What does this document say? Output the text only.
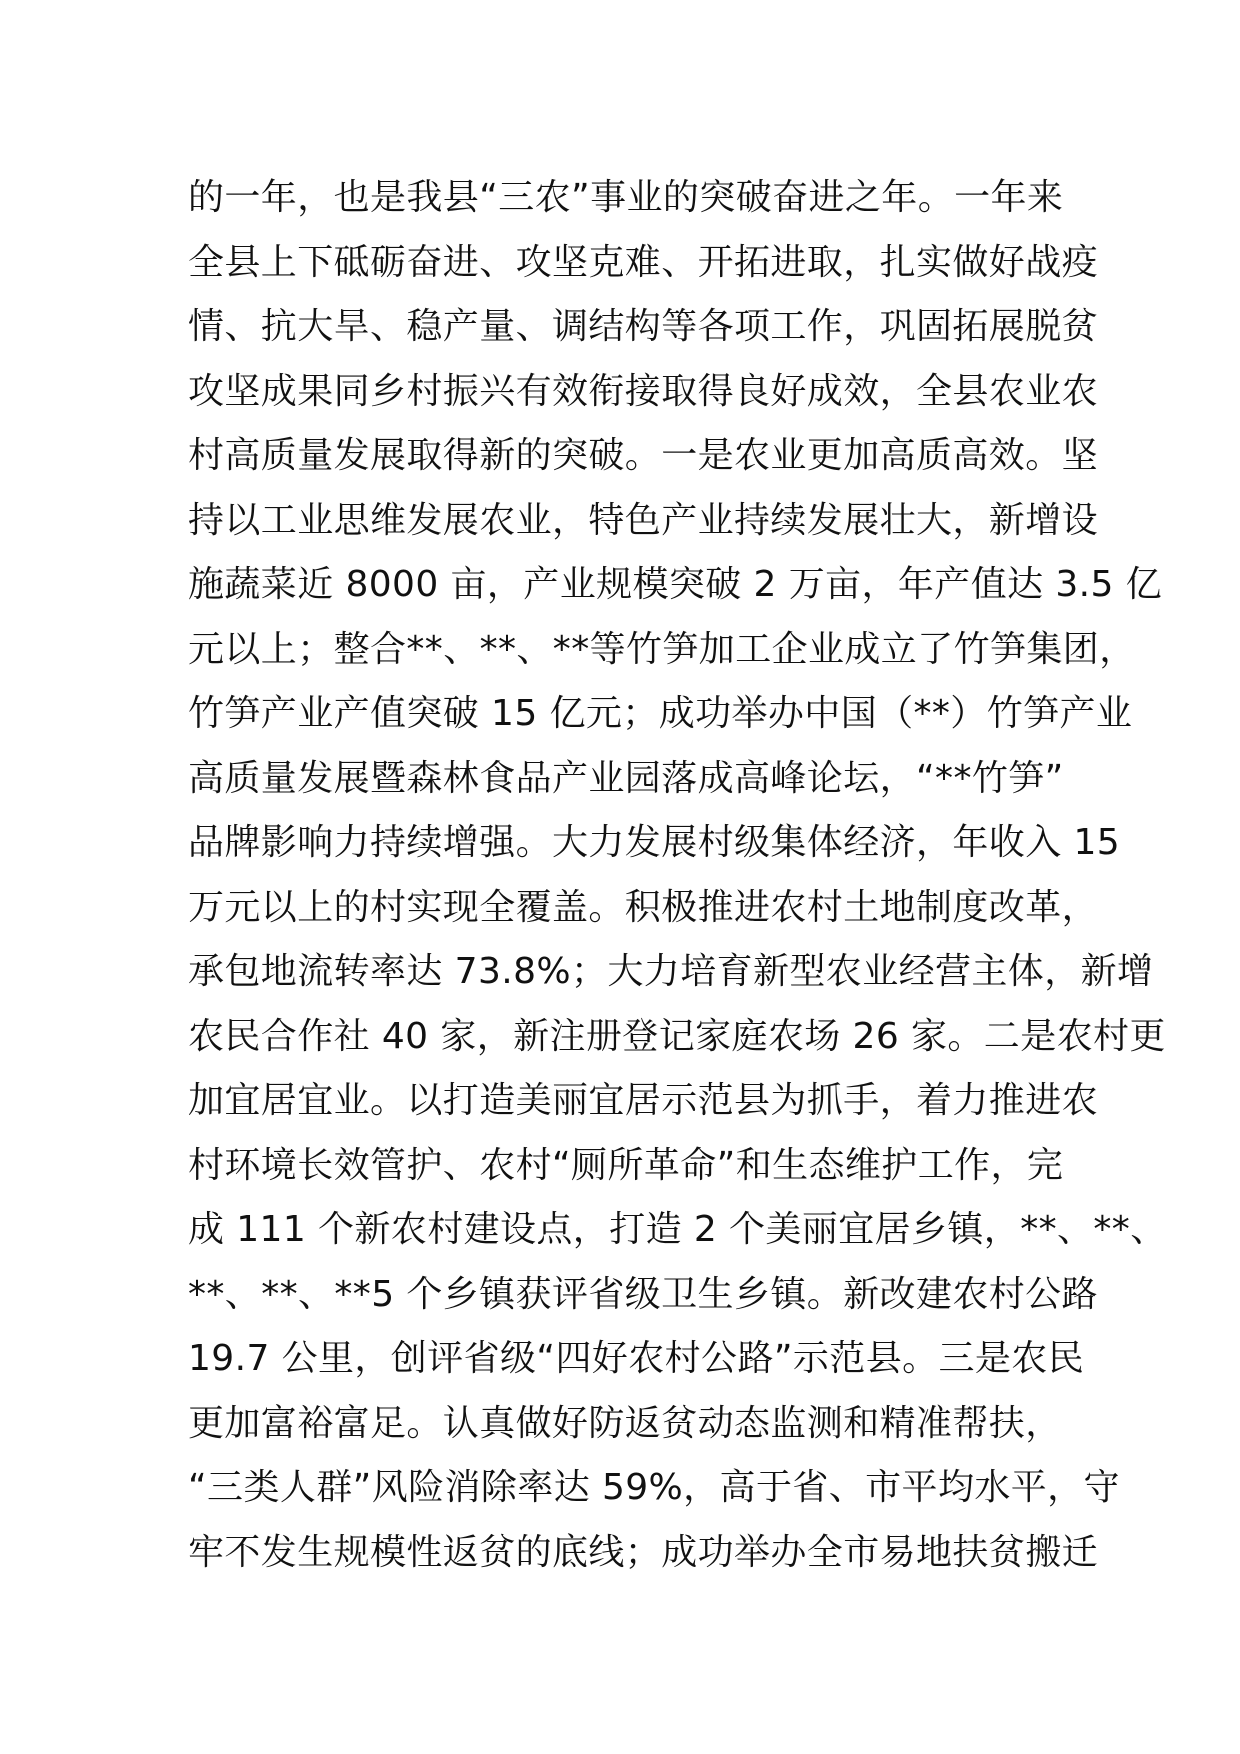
的一年，也是我县“三农”事业的突破奋进之年。一年来
全县上下砥砺奋进、攻坚克难、开拓进取，扎实做好战疫
情、抗大旱、稳产量、调结构等各项工作，巩固拓展脱贫
攻坚成果同乡村振兴有效衔接取得良好成效，全县农业农
村高质量发展取得新的突破。一是农业更加高质高效。坚
持以工业思维发展农业，特色产业持续发展壮大，新增设
施蔬菜近 8000 亩，产业规模突破 2 万亩，年产值达 3.5 亿
元以上；整合**、**、**等竹笋加工企业成立了竹笋集团，
竹笋产业产值突破 15 亿元；成功举办中国（**）竹笋产业
高质量发展暨森林食品产业园落成高峰论坛，“**竹笋”
品牌影响力持续增强。大力发展村级集体经济，年收入 15
万元以上的村实现全覆盖。积极推进农村土地制度改革，
承包地流转率达 73.8%；大力培育新型农业经营主体，新增
农民合作社 40 家，新注册登记家庭农场 26 家。二是农村更
加宜居宜业。以打造美丽宜居示范县为抓手，着力推进农
村环境长效管护、农村“厕所革命”和生态维护工作，完
成 111 个新农村建设点，打造 2 个美丽宜居乡镇，**、**、
**、**、**5 个乡镇获评省级卫生乡镇。新改建农村公路
19.7 公里，创评省级“四好农村公路”示范县。三是农民
更加富裕富足。认真做好防返贫动态监测和精准帮扶，
“三类人群”风险消除率达 59%，高于省、市平均水平，守
牢不发生规模性返贫的底线；成功举办全市易地扶贫搬迁
